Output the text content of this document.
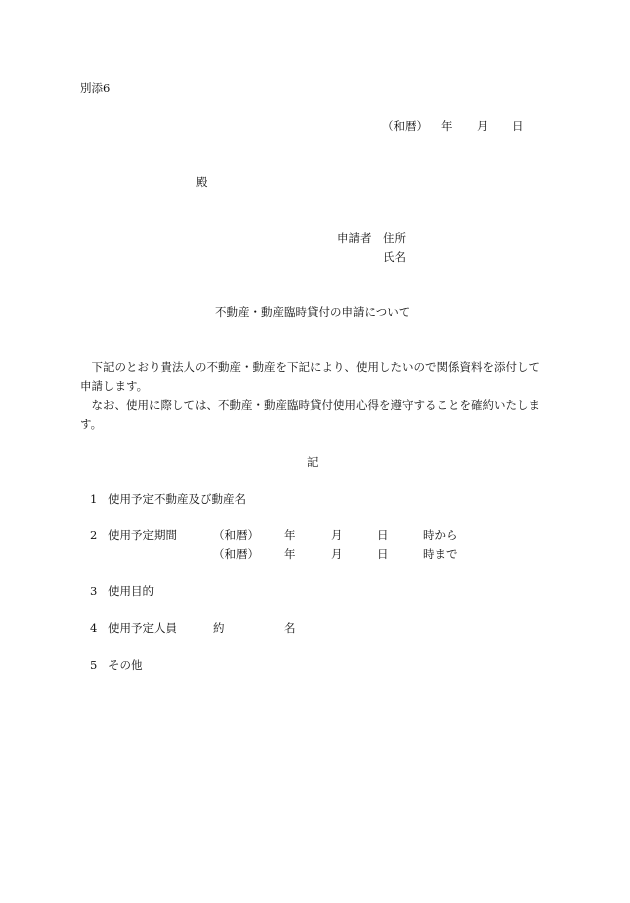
別添6
（和暦） 年 月 日
殿
申請者 住所
氏名
不動産・動産臨時貸付の申請について
　下記のとおり貴法人の不動産・動産を下記により、使用したいので関係資料を添付して申請します。
　なお、使用に際しては、不動産・動産臨時貸付使用心得を遵守することを確約いたします。
記
1 使用予定不動産及び動産名
2 使用予定期間	（和暦） 年	月	日	時から
（和暦） 年	月	日	時まで
3 使用目的
4 使用予定人員	約	名
5 その他
